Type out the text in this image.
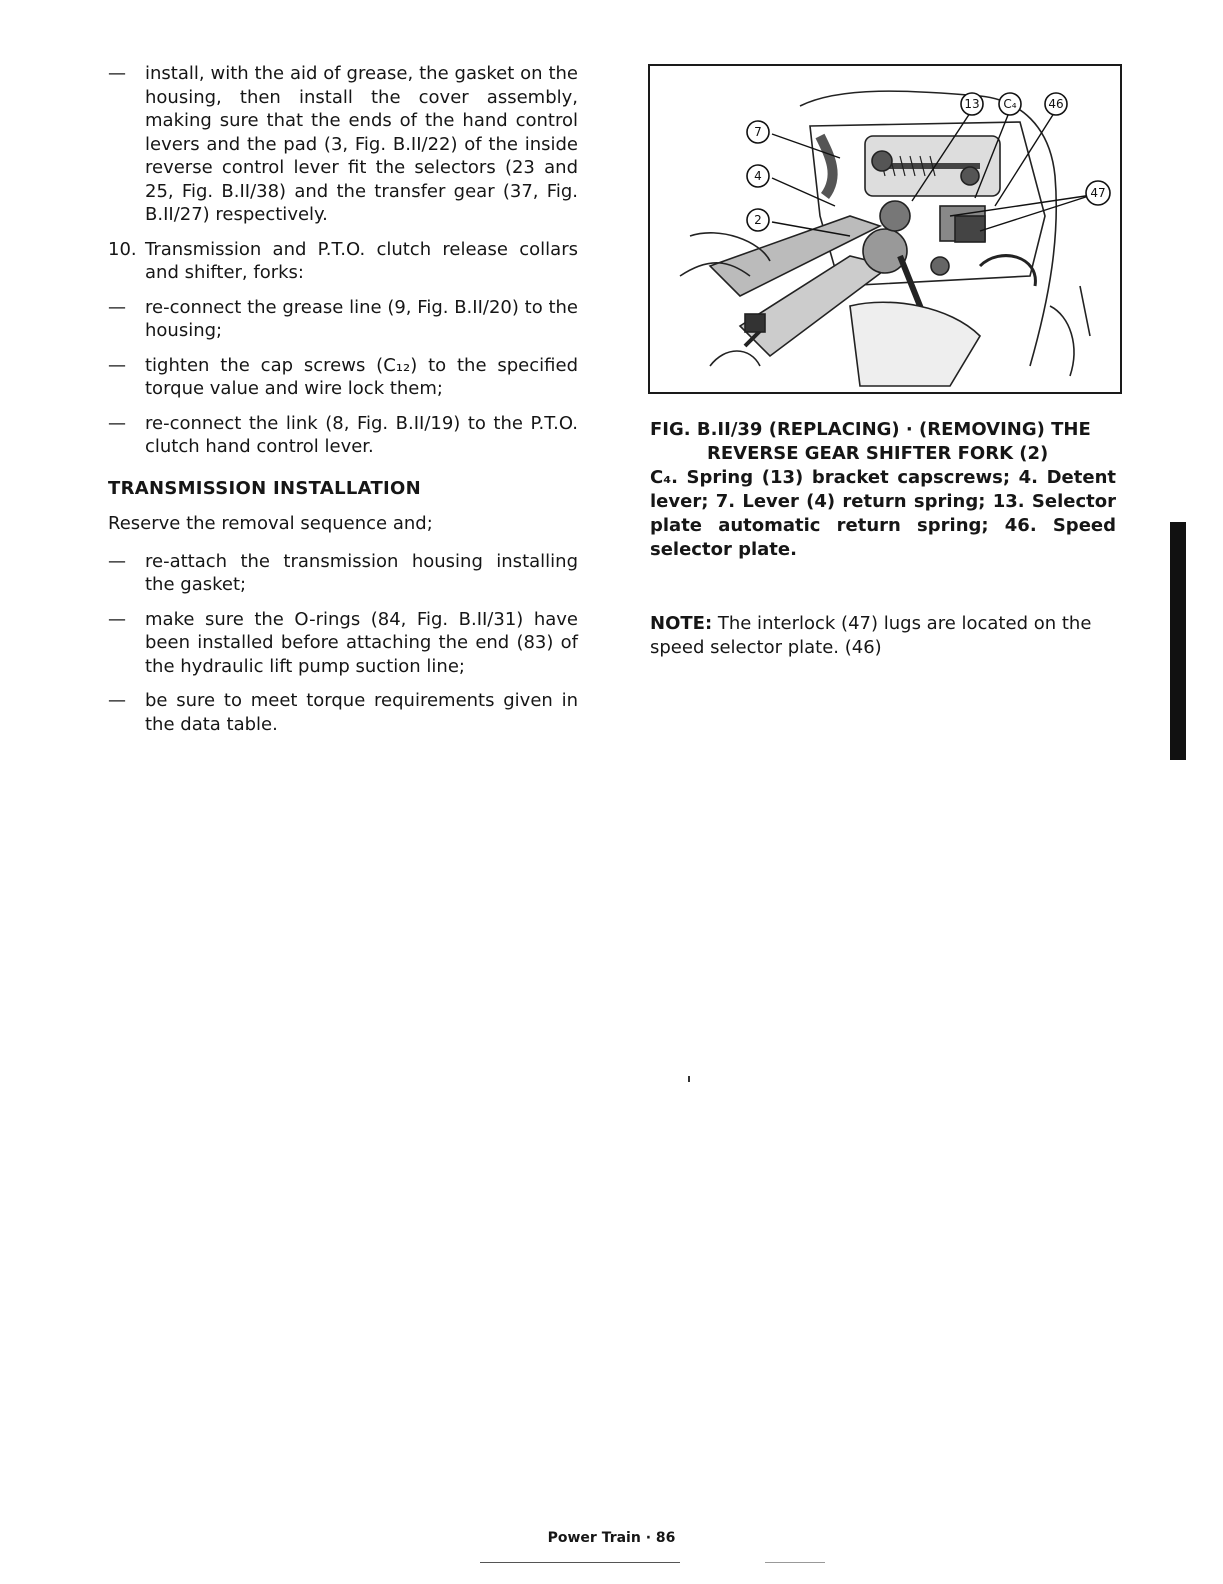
—	install, with the aid of grease, the gasket on the housing, then install the cover assembly, making sure that the ends of the hand control levers and the pad (3, Fig. B.II/22) of the inside reverse control lever fit the selectors (23 and 25, Fig. B.II/38) and the transfer gear (37, Fig. B.II/27) respectively.
10. Transmission and P.T.O. clutch release collars and shifter, forks:
—	re-connect the grease line (9, Fig. B.II/20) to the housing;
—	tighten the cap screws (C₁₂) to the specified torque value and wire lock them;
—	re-connect the link (8, Fig. B.II/19) to the P.T.O. clutch hand control lever.
TRANSMISSION INSTALLATION
Reserve the removal sequence and;
—	re-attach the transmission housing installing the gasket;
—	make sure the O-rings (84, Fig. B.II/31) have been installed before attaching the end (83) of the hydraulic lift pump suction line;
—	be sure to meet torque requirements given in the data table.
13 C₄	46
7
4
2
47
FIG. B.II/39 (REPLACING) · (REMOVING) THE
REVERSE GEAR SHIFTER FORK (2)
C₄. Spring (13) bracket capscrews; 4. Detent lever; 7. Lever (4) return spring; 13. Selector plate automatic return spring; 46. Speed selector plate.
NOTE: The interlock (47) lugs are located on the speed selector plate. (46)
Power Train · 86
